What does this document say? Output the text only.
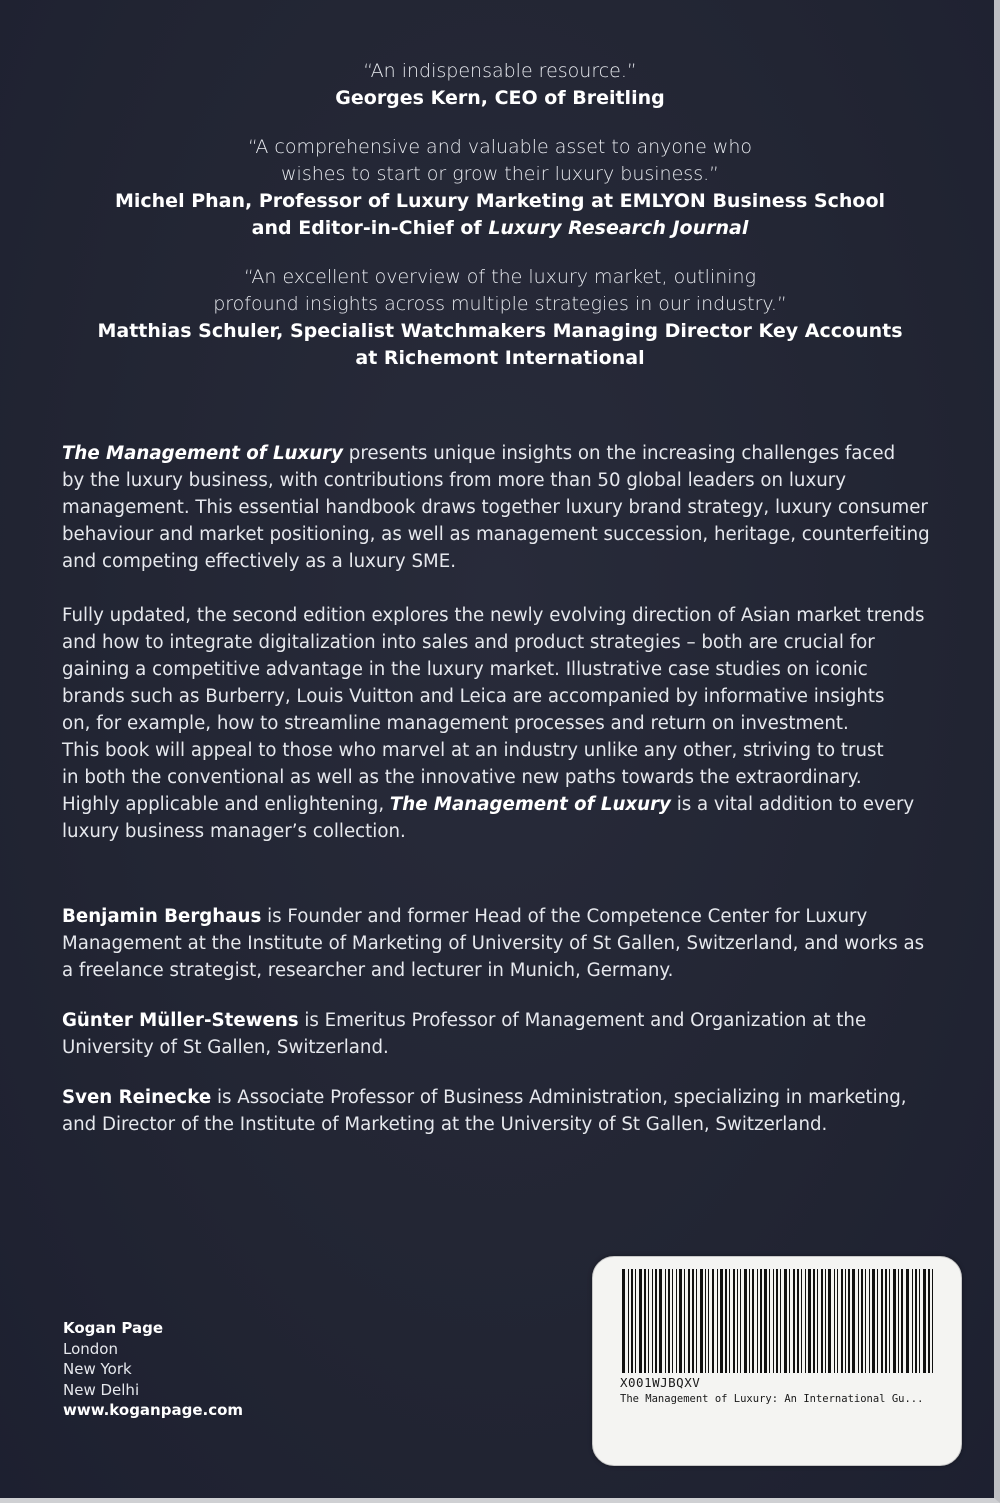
“An indispensable resource.”
Georges Kern, CEO of Breitling
“A comprehensive and valuable asset to anyone who
wishes to start or grow their luxury business.”
Michel Phan, Professor of Luxury Marketing at EMLYON Business School
and Editor-in-Chief of Luxury Research Journal
“An excellent overview of the luxury market, outlining
profound insights across multiple strategies in our industry.”
Matthias Schuler, Specialist Watchmakers Managing Director Key Accounts
at Richemont International

The Management of Luxury presents unique insights on the increasing challenges faced
by the luxury business, with contributions from more than 50 global leaders on luxury
management. This essential handbook draws together luxury brand strategy, luxury consumer
behaviour and market positioning, as well as management succession, heritage, counterfeiting
and competing effectively as a luxury SME.

Fully updated, the second edition explores the newly evolving direction of Asian market trends
and how to integrate digitalization into sales and product strategies – both are crucial for
gaining a competitive advantage in the luxury market. Illustrative case studies on iconic
brands such as Burberry, Louis Vuitton and Leica are accompanied by informative insights
on, for example, how to streamline management processes and return on investment.
This book will appeal to those who marvel at an industry unlike any other, striving to trust
in both the conventional as well as the innovative new paths towards the extraordinary.
Highly applicable and enlightening, The Management of Luxury is a vital addition to every
luxury business manager’s collection.

Benjamin Berghaus is Founder and former Head of the Competence Center for Luxury
Management at the Institute of Marketing of University of St Gallen, Switzerland, and works as
a freelance strategist, researcher and lecturer in Munich, Germany.

Günter Müller-Stewens is Emeritus Professor of Management and Organization at the
University of St Gallen, Switzerland.

Sven Reinecke is Associate Professor of Business Administration, specializing in marketing,
and Director of the Institute of Marketing at the University of St Gallen, Switzerland.

Kogan Page
London
New York
New Delhi
www.koganpage.com
X001WJBQXV
The Management of Luxury: An International Gu...
